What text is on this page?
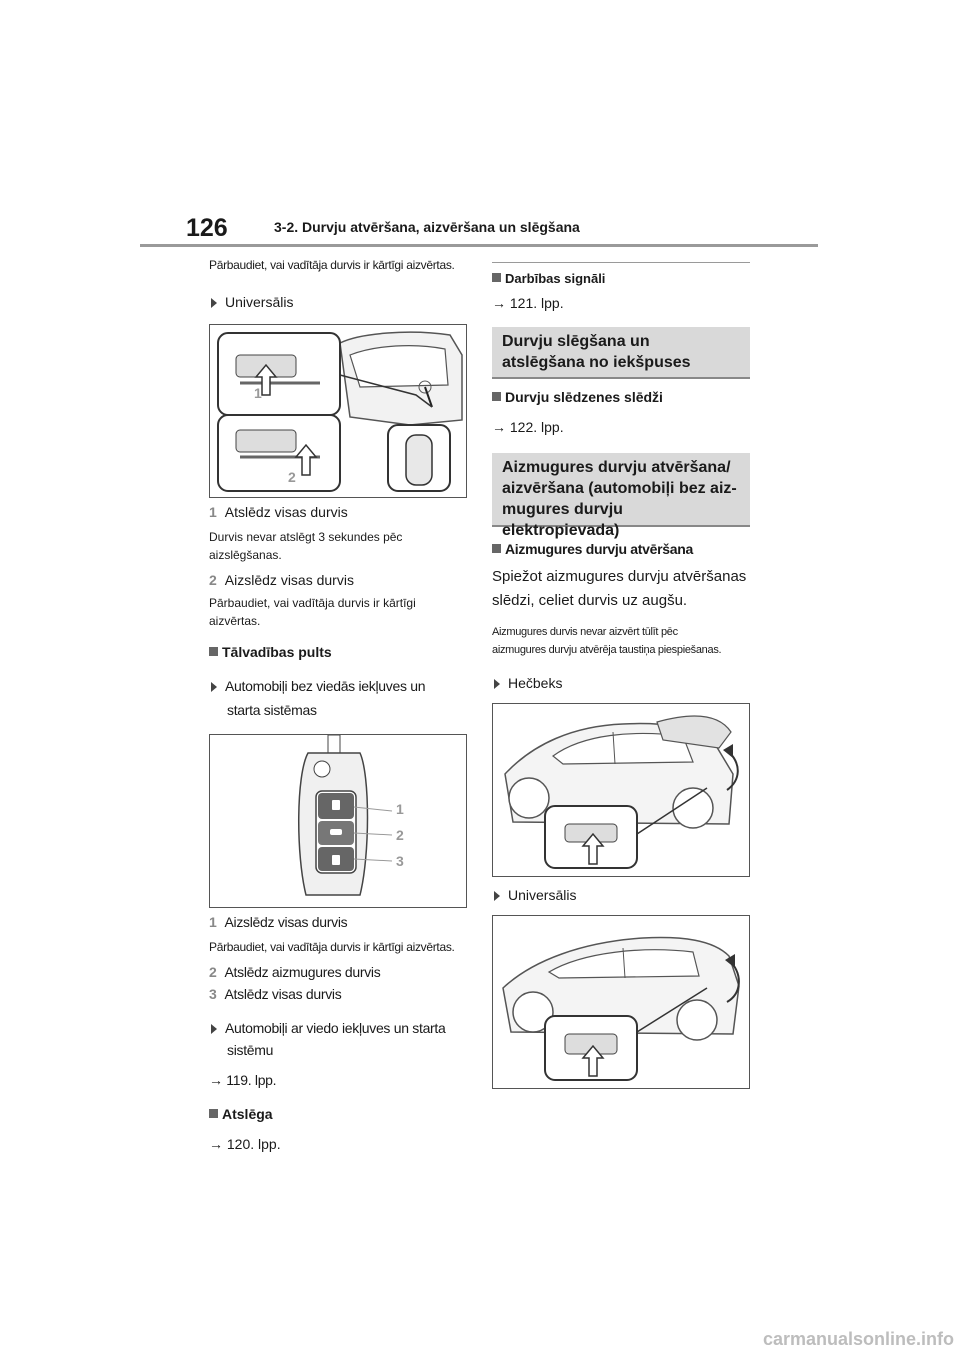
126	3-2. Durvju atvēršana, aizvēršana un slēgšana

Pārbaudiet, vai vadītāja durvis ir kārtīgi aizvērtas.

Universālis

1
2

1 Atslēdz visas durvis

Durvis nevar atslēgt 3 sekundes pēc

aizslēgšanas.

2 Aizslēdz visas durvis

Pārbaudiet, vai vadītāja durvis ir kārtīgi

aizvērtas.

Tālvadības pults

Automobiļi bez viedās iekļuves un

starta sistēmas

1
2
3

1 Aizslēdz visas durvis

Pārbaudiet, vai vadītāja durvis ir kārtīgi aizvērtas.

2 Atslēdz aizmugures durvis

3 Atslēdz visas durvis

Automobiļi ar viedo iekļuves un starta

sistēmu

→ 119. lpp.

Atslēga

→ 120. lpp.

Darbības signāli

→ 121. lpp.

Durvju slēgšana un
atslēgšana no iekšpuses

Durvju slēdzenes slēdži

→ 122. lpp.

Aizmugures durvju atvēršana/
aizvēršana (automobiļi bez aiz-
mugures durvju elektropievada)

Aizmugures durvju atvēršana

Spiežot aizmugures durvju atvēršanas

slēdzi, celiet durvis uz augšu.

Aizmugures durvis nevar aizvērt tūlīt pēc

aizmugures durvju atvērēja taustiņa piespiešanas.

Hečbeks

Universālis

carmanualsonline.info
